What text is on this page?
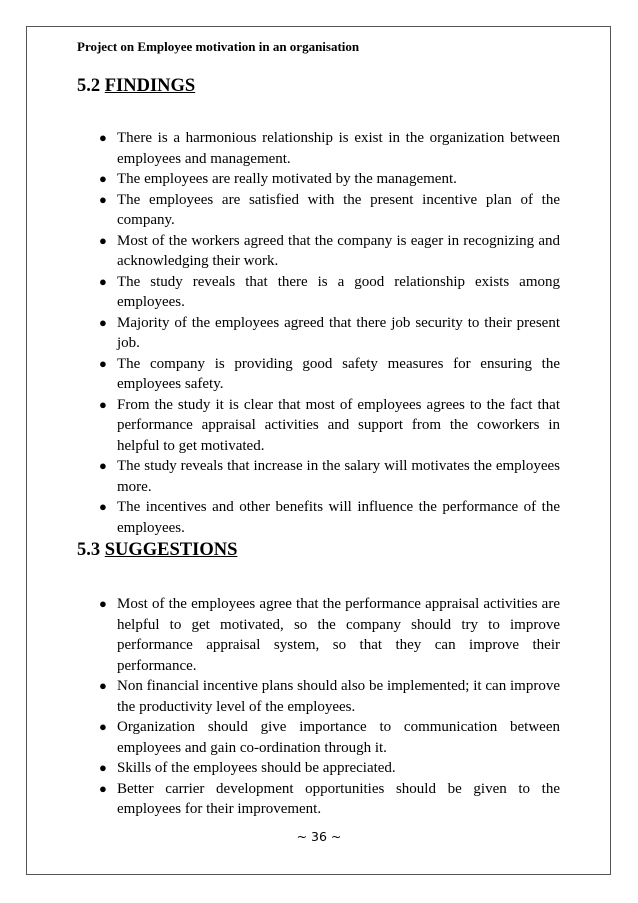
Project on Employee motivation in an organisation
5.2 FINDINGS
● There is a harmonious relationship is exist in the organization between employees and management.
● The employees are really motivated by the management.
● The employees are satisfied with the present incentive plan of the company.
● Most of the workers agreed that the company is eager in recognizing and acknowledging their work.
● The study reveals that there is a good relationship exists among employees.
● Majority of the employees agreed that there job security to their present job.
● The company is providing good safety measures for ensuring the employees safety.
● From the study it is clear that most of employees agrees to the fact that performance appraisal activities and support from the coworkers in helpful to get motivated.
● The study reveals that increase in the salary will motivates the employees more.
● The incentives and other benefits will influence the performance of the employees.
5.3 SUGGESTIONS
● Most of the employees agree that the performance appraisal activities are helpful to get motivated, so the company should try to improve performance appraisal system, so that they can improve their performance.
● Non financial incentive plans should also be implemented; it can improve the productivity level of the employees.
● Organization should give importance to communication between employees and gain co-ordination through it.
● Skills of the employees should be appreciated.
● Better carrier development opportunities should be given to the employees for their improvement.
~ 36 ~
